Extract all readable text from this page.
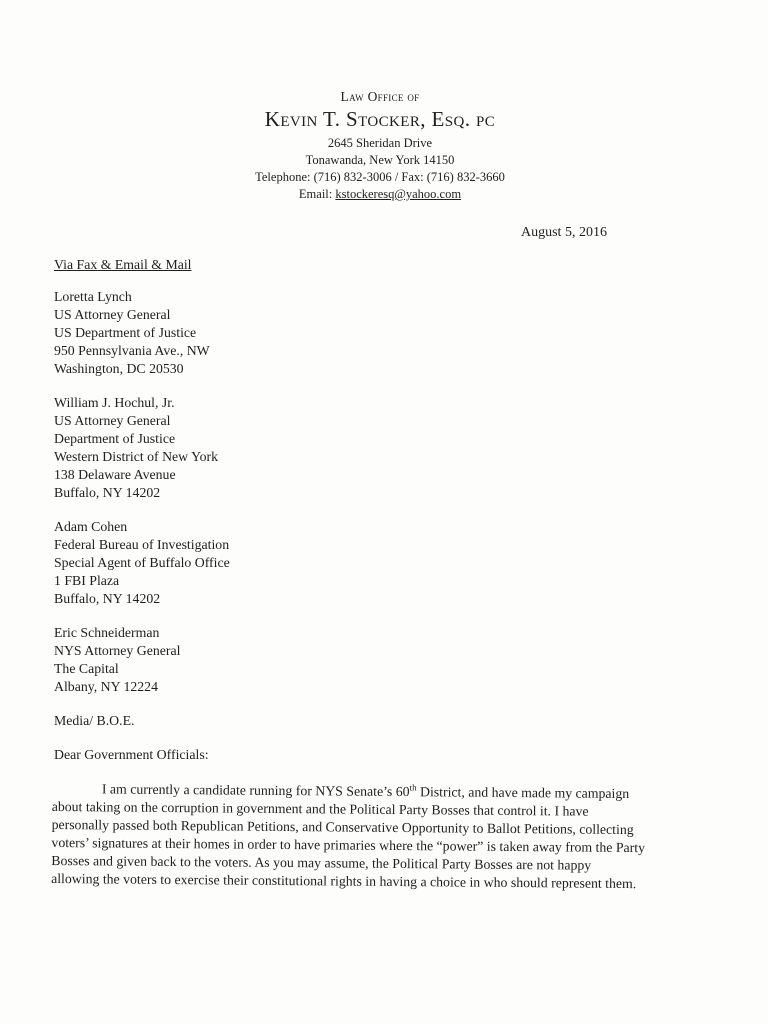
Law Office of
Kevin T. Stocker, Esq. PC
2645 Sheridan Drive
Tonawanda, New York 14150
Telephone: (716) 832-3006 / Fax: (716) 832-3660
Email: kstockeresq@yahoo.com
August 5, 2016
Via Fax & Email & Mail
Loretta Lynch
US Attorney General
US Department of Justice
950 Pennsylvania Ave., NW
Washington, DC 20530
William J. Hochul, Jr.
US Attorney General
Department of Justice
Western District of New York
138 Delaware Avenue
Buffalo, NY 14202
Adam Cohen
Federal Bureau of Investigation
Special Agent of Buffalo Office
1 FBI Plaza
Buffalo, NY 14202
Eric Schneiderman
NYS Attorney General
The Capital
Albany, NY 12224
Media/ B.O.E.
Dear Government Officials:
I am currently a candidate running for NYS Senate’s 60th District, and have made my campaign
about taking on the corruption in government and the Political Party Bosses that control it. I have
personally passed both Republican Petitions, and Conservative Opportunity to Ballot Petitions, collecting
voters’ signatures at their homes in order to have primaries where the “power” is taken away from the Party
Bosses and given back to the voters. As you may assume, the Political Party Bosses are not happy
allowing the voters to exercise their constitutional rights in having a choice in who should represent them.
